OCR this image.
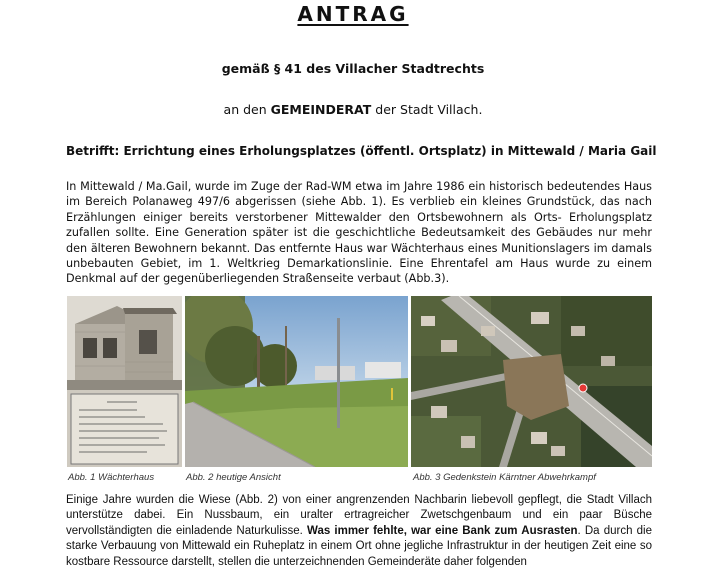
ANTRAG
gemäß § 41 des Villacher Stadtrechts
an den GEMEINDERAT der Stadt Villach.
Betrifft: Errichtung eines Erholungsplatzes (öffentl. Ortsplatz) in Mittewald / Maria Gail
In Mittewald / Ma.Gail, wurde im Zuge der Rad-WM etwa im Jahre 1986 ein historisch bedeutendes Haus im Bereich Polanaweg 497/6 abgerissen (siehe Abb. 1). Es verblieb ein kleines Grundstück, das nach Erzählungen einiger bereits verstorbener Mittewalder den Ortsbewohnern als Orts- Erholungsplatz zufallen sollte. Eine Generation später ist die geschichtliche Bedeutsamkeit des Gebäudes nur mehr den älteren Bewohnern bekannt. Das entfernte Haus war Wächterhaus eines Munitionslagers im damals unbebauten Gebiet, im 1. Weltkrieg Demarkationslinie. Eine Ehrentafel am Haus wurde zu einem Denkmal auf der gegenüberliegenden Straßenseite verbaut (Abb.3).
Abb. 1 Wächterhaus	Abb. 2 heutige Ansicht	Abb. 3 Gedenkstein Kärntner Abwehrkampf
Einige Jahre wurden die Wiese (Abb. 2) von einer angrenzenden Nachbarin liebevoll gepflegt, die Stadt Villach unterstütze dabei. Ein Nussbaum, ein uralter ertragreicher Zwetschgenbaum und ein paar Büsche vervollständigten die einladende Naturkulisse. Was immer fehlte, war eine Bank zum Ausrasten. Da durch die starke Verbauung von Mittewald ein Ruheplatz in einem Ort ohne jegliche Infrastruktur in der heutigen Zeit eine so kostbare Ressource darstellt, stellen die unterzeichnenden Gemeinderäte daher folgenden
